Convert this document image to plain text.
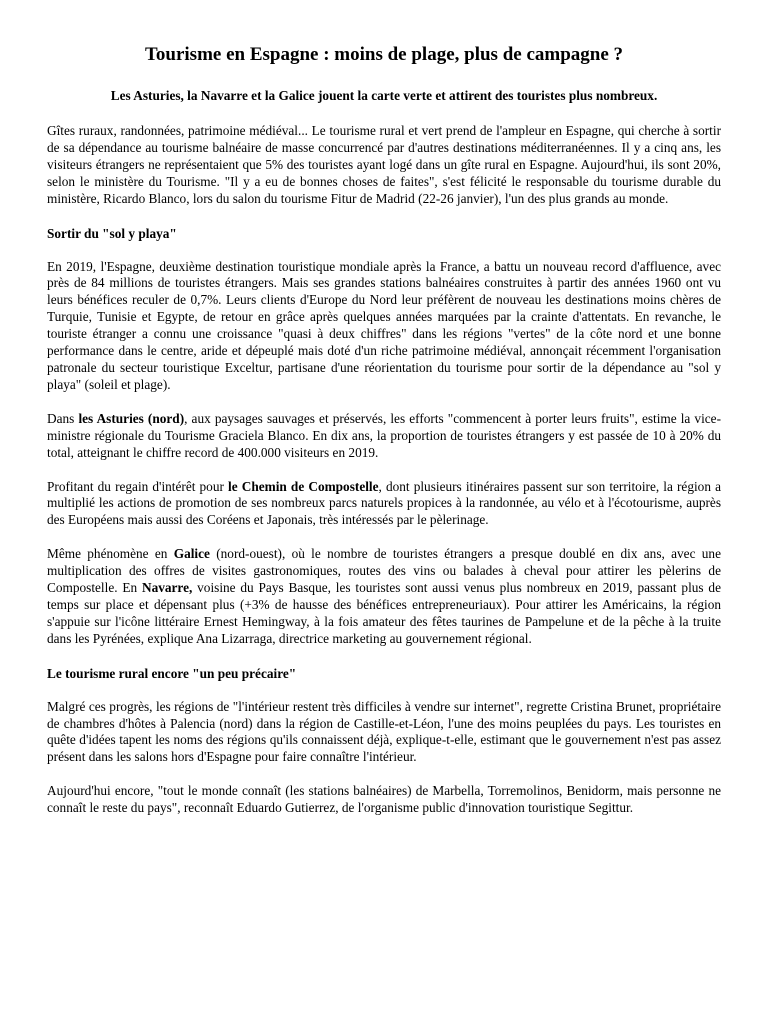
Tourisme en Espagne : moins de plage, plus de campagne ?
Les Asturies, la Navarre et la Galice jouent la carte verte et attirent des touristes plus nombreux.

Gîtes ruraux, randonnées, patrimoine médiéval... Le tourisme rural et vert prend de l'ampleur en Espagne, qui cherche à sortir de sa dépendance au tourisme balnéaire de masse concurrencé par d'autres destinations méditerranéennes. Il y a cinq ans, les visiteurs étrangers ne représentaient que 5% des touristes ayant logé dans un gîte rural en Espagne. Aujourd'hui, ils sont 20%, selon le ministère du Tourisme. "Il y a eu de bonnes choses de faites", s'est félicité le responsable du tourisme durable du ministère, Ricardo Blanco, lors du salon du tourisme Fitur de Madrid (22-26 janvier), l'un des plus grands au monde.

Sortir du "sol y playa"

En 2019, l'Espagne, deuxième destination touristique mondiale après la France, a battu un nouveau record d'affluence, avec près de 84 millions de touristes étrangers. Mais ses grandes stations balnéaires construites à partir des années 1960 ont vu leurs bénéfices reculer de 0,7%. Leurs clients d'Europe du Nord leur préfèrent de nouveau les destinations moins chères de Turquie, Tunisie et Egypte, de retour en grâce après quelques années marquées par la crainte d'attentats. En revanche, le touriste étranger a connu une croissance "quasi à deux chiffres" dans les régions "vertes" de la côte nord et une bonne performance dans le centre, aride et dépeuplé mais doté d'un riche patrimoine médiéval, annonçait récemment l'organisation patronale du secteur touristique Exceltur, partisane d'une réorientation du tourisme pour sortir de la dépendance au "sol y playa" (soleil et plage).

Dans les Asturies (nord), aux paysages sauvages et préservés, les efforts "commencent à porter leurs fruits", estime la vice-ministre régionale du Tourisme Graciela Blanco. En dix ans, la proportion de touristes étrangers y est passée de 10 à 20% du total, atteignant le chiffre record de 400.000 visiteurs en 2019.

Profitant du regain d'intérêt pour le Chemin de Compostelle, dont plusieurs itinéraires passent sur son territoire, la région a multiplié les actions de promotion de ses nombreux parcs naturels propices à la randonnée, au vélo et à l'écotourisme, auprès des Européens mais aussi des Coréens et Japonais, très intéressés par le pèlerinage.

Même phénomène en Galice (nord-ouest), où le nombre de touristes étrangers a presque doublé en dix ans, avec une multiplication des offres de visites gastronomiques, routes des vins ou balades à cheval pour attirer les pèlerins de Compostelle. En Navarre, voisine du Pays Basque, les touristes sont aussi venus plus nombreux en 2019, passant plus de temps sur place et dépensant plus (+3% de hausse des bénéfices entrepreneuriaux). Pour attirer les Américains, la région s'appuie sur l'icône littéraire Ernest Hemingway, à la fois amateur des fêtes taurines de Pampelune et de la pêche à la truite dans les Pyrénées, explique Ana Lizarraga, directrice marketing au gouvernement régional.

Le tourisme rural encore "un peu précaire"

Malgré ces progrès, les régions de "l'intérieur restent très difficiles à vendre sur internet", regrette Cristina Brunet, propriétaire de chambres d'hôtes à Palencia (nord) dans la région de Castille-et-Léon, l'une des moins peuplées du pays. Les touristes en quête d'idées tapent les noms des régions qu'ils connaissent déjà, explique-t-elle, estimant que le gouvernement n'est pas assez présent dans les salons hors d'Espagne pour faire connaître l'intérieur.

Aujourd'hui encore, "tout le monde connaît (les stations balnéaires) de Marbella, Torremolinos, Benidorm, mais personne ne connaît le reste du pays", reconnaît Eduardo Gutierrez, de l'organisme public d'innovation touristique Segittur.
